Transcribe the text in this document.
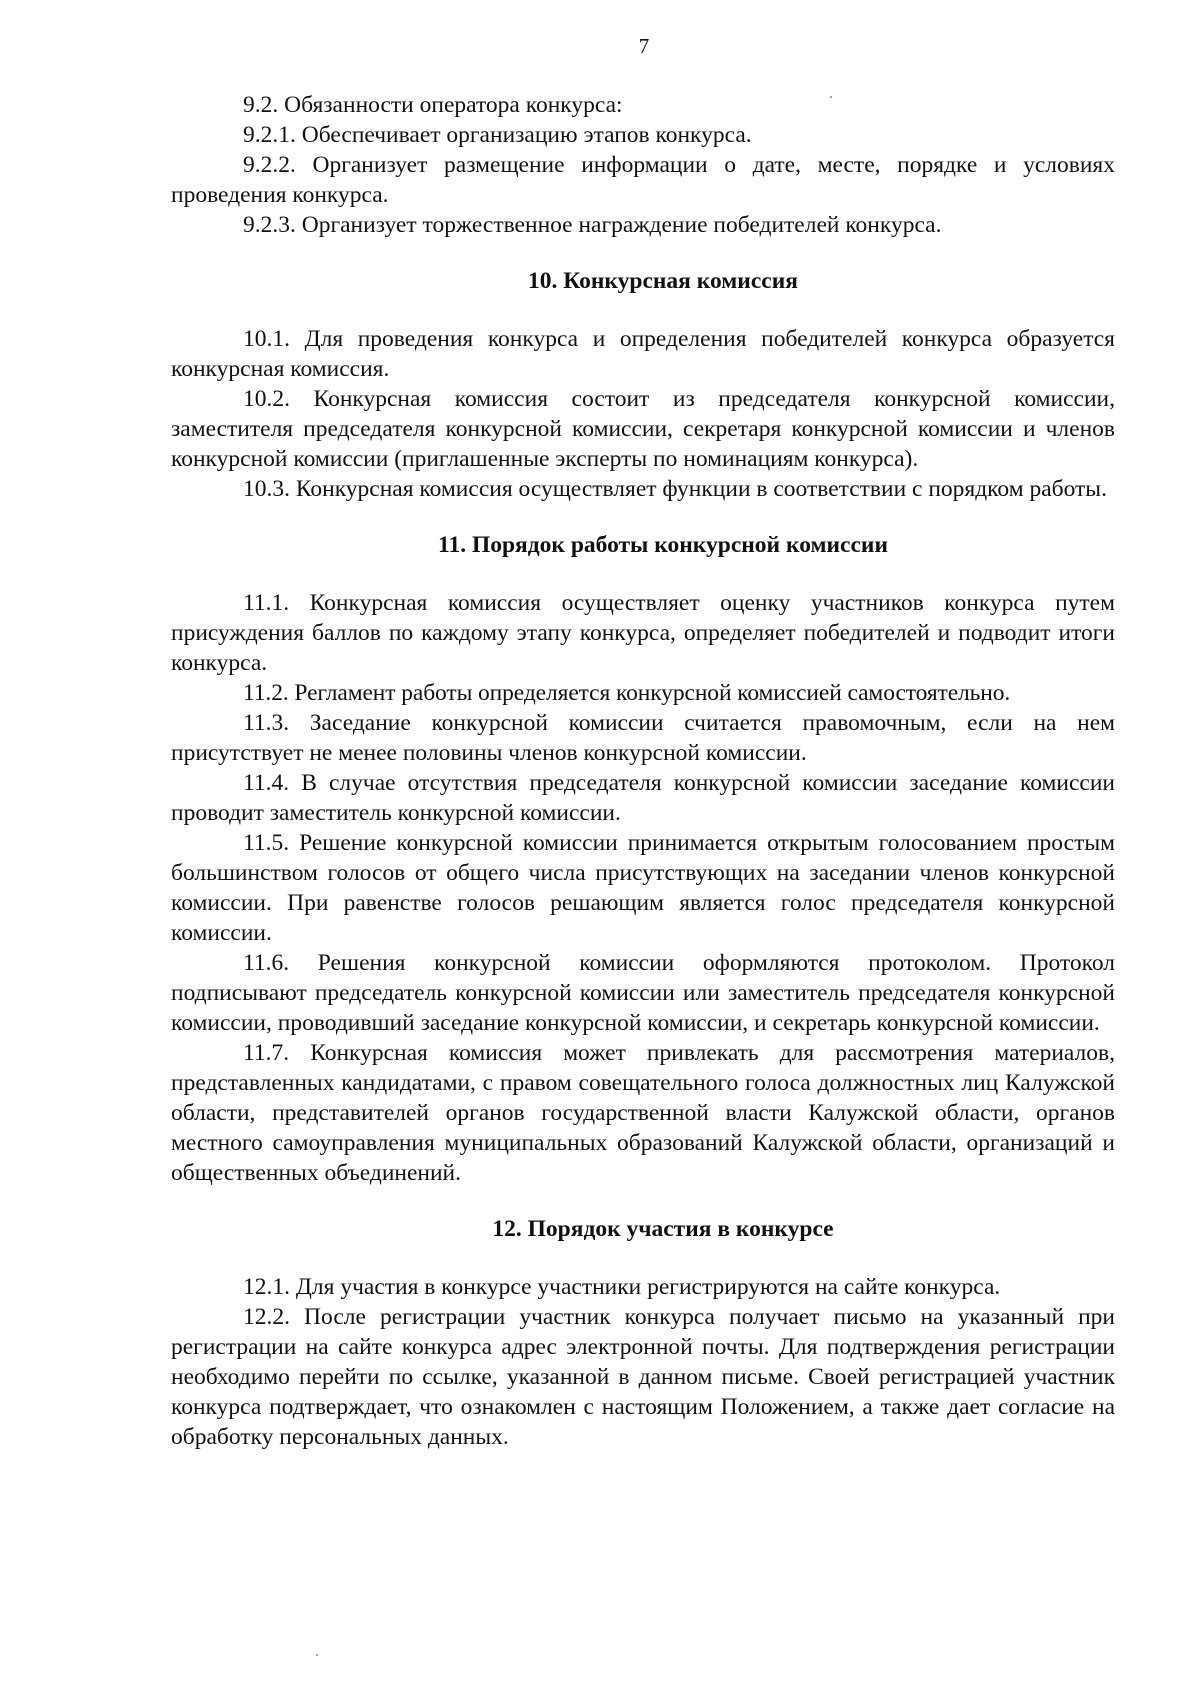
7

9.2. Обязанности оператора конкурса:

9.2.1. Обеспечивает организацию этапов конкурса.

9.2.2. Организует размещение информации о дате, месте, порядке и условиях проведения конкурса.

9.2.3. Организует торжественное награждение победителей конкурса.

10. Конкурсная комиссия

10.1. Для проведения конкурса и определения победителей конкурса образуется конкурсная комиссия.

10.2. Конкурсная комиссия состоит из председателя конкурсной комиссии, заместителя председателя конкурсной комиссии, секретаря конкурсной комиссии и членов конкурсной комиссии (приглашенные эксперты по номинациям конкурса).

10.3. Конкурсная комиссия осуществляет функции в соответствии с порядком работы.

11. Порядок работы конкурсной комиссии

11.1. Конкурсная комиссия осуществляет оценку участников конкурса путем присуждения баллов по каждому этапу конкурса, определяет победителей и подводит итоги конкурса.

11.2. Регламент работы определяется конкурсной комиссией самостоятельно.

11.3. Заседание конкурсной комиссии считается правомочным, если на нем присутствует не менее половины членов конкурсной комиссии.

11.4. В случае отсутствия председателя конкурсной комиссии заседание комиссии проводит заместитель конкурсной комиссии.

11.5. Решение конкурсной комиссии принимается открытым голосованием простым большинством голосов от общего числа присутствующих на заседании членов конкурсной комиссии. При равенстве голосов решающим является голос председателя конкурсной комиссии.

11.6. Решения конкурсной комиссии оформляются протоколом. Протокол подписывают председатель конкурсной комиссии или заместитель председателя конкурсной комиссии, проводивший заседание конкурсной комиссии, и секретарь конкурсной комиссии.

11.7. Конкурсная комиссия может привлекать для рассмотрения материалов, представленных кандидатами, с правом совещательного голоса должностных лиц Калужской области, представителей органов государственной власти Калужской области, органов местного самоуправления муниципальных образований Калужской области, организаций и общественных объединений.

12. Порядок участия в конкурсе

12.1. Для участия в конкурсе участники регистрируются на сайте конкурса.

12.2. После регистрации участник конкурса получает письмо на указанный при регистрации на сайте конкурса адрес электронной почты. Для подтверждения регистрации необходимо перейти по ссылке, указанной в данном письме. Своей регистрацией участник конкурса подтверждает, что ознакомлен с настоящим Положением, а также дает согласие на обработку персональных данных.
